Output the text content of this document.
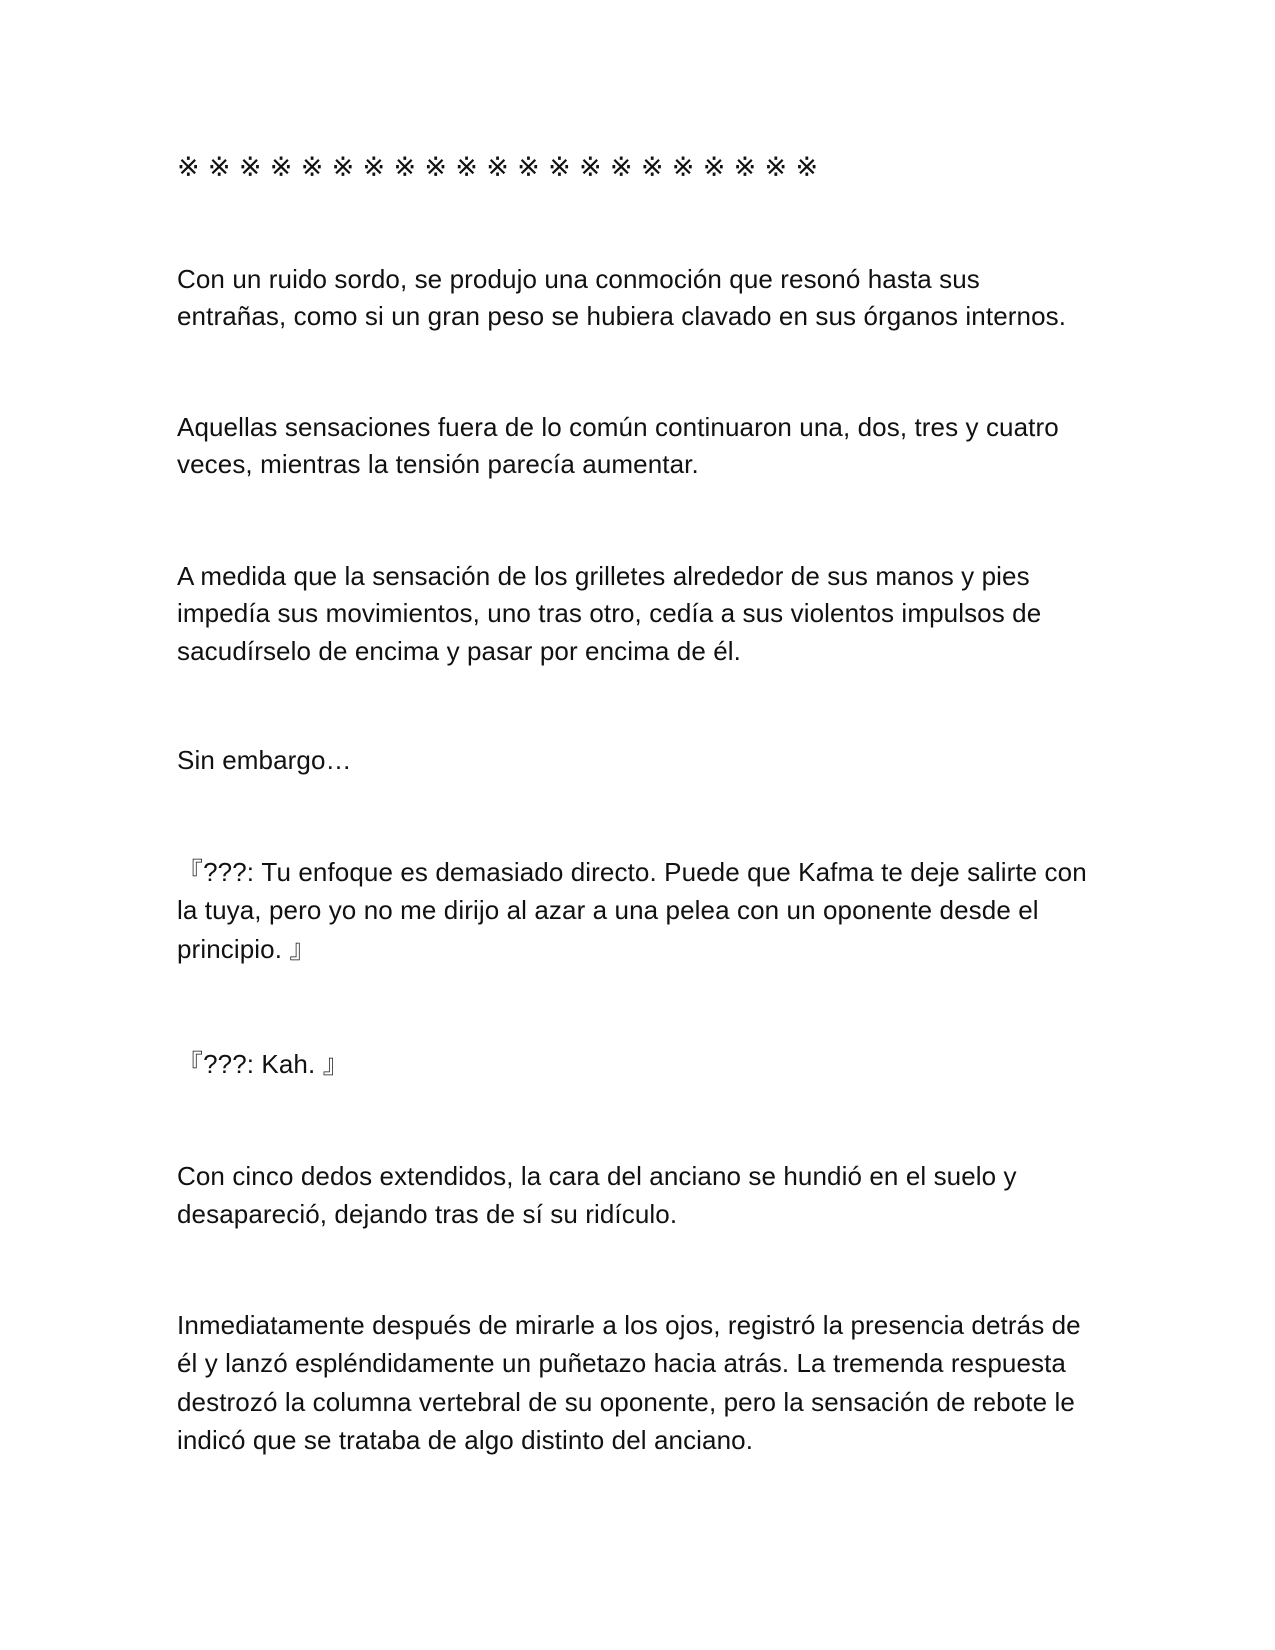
※※※※※※※※※※※※※※※※※※※※※
Con un ruido sordo, se produjo una conmoción que resonó hasta sus
entrañas, como si un gran peso se hubiera clavado en sus órganos internos.
Aquellas sensaciones fuera de lo común continuaron una, dos, tres y cuatro
veces, mientras la tensión parecía aumentar.
A medida que la sensación de los grilletes alrededor de sus manos y pies
impedía sus movimientos, uno tras otro, cedía a sus violentos impulsos de
sacudírselo de encima y pasar por encima de él.
Sin embargo…
『???: Tu enfoque es demasiado directo. Puede que Kafma te deje salirte con
la tuya, pero yo no me dirijo al azar a una pelea con un oponente desde el
principio. 』
『???: Kah. 』
Con cinco dedos extendidos, la cara del anciano se hundió en el suelo y
desapareció, dejando tras de sí su ridículo.
Inmediatamente después de mirarle a los ojos, registró la presencia detrás de
él y lanzó espléndidamente un puñetazo hacia atrás. La tremenda respuesta
destrozó la columna vertebral de su oponente, pero la sensación de rebote le
indicó que se trataba de algo distinto del anciano.
